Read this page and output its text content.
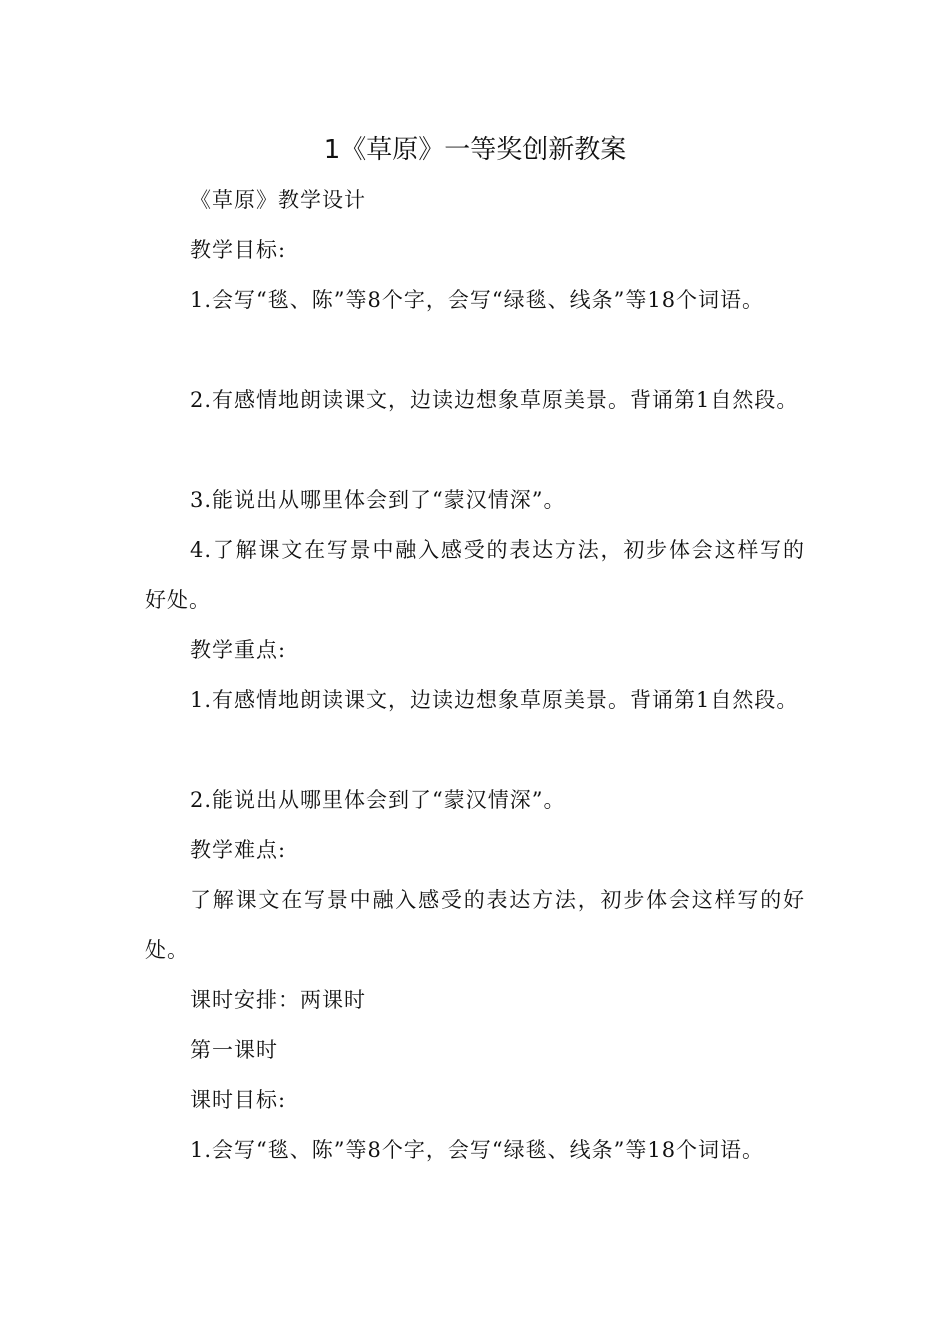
1《草原》一等奖创新教案
《草原》教学设计
教学目标:
1.会写“毯、陈”等8个字，会写“绿毯、线条”等18个词语。
2.有感情地朗读课文，边读边想象草原美景。背诵第1自然段。
3.能说出从哪里体会到了“蒙汉情深”。
4.了解课文在写景中融入感受的表达方法，初步体会这样写的好处。
教学重点:
1.有感情地朗读课文，边读边想象草原美景。背诵第1自然段。
2.能说出从哪里体会到了“蒙汉情深”。
教学难点:
了解课文在写景中融入感受的表达方法，初步体会这样写的好处。
课时安排：两课时
第一课时
课时目标:
1.会写“毯、陈”等8个字，会写“绿毯、线条”等18个词语。
